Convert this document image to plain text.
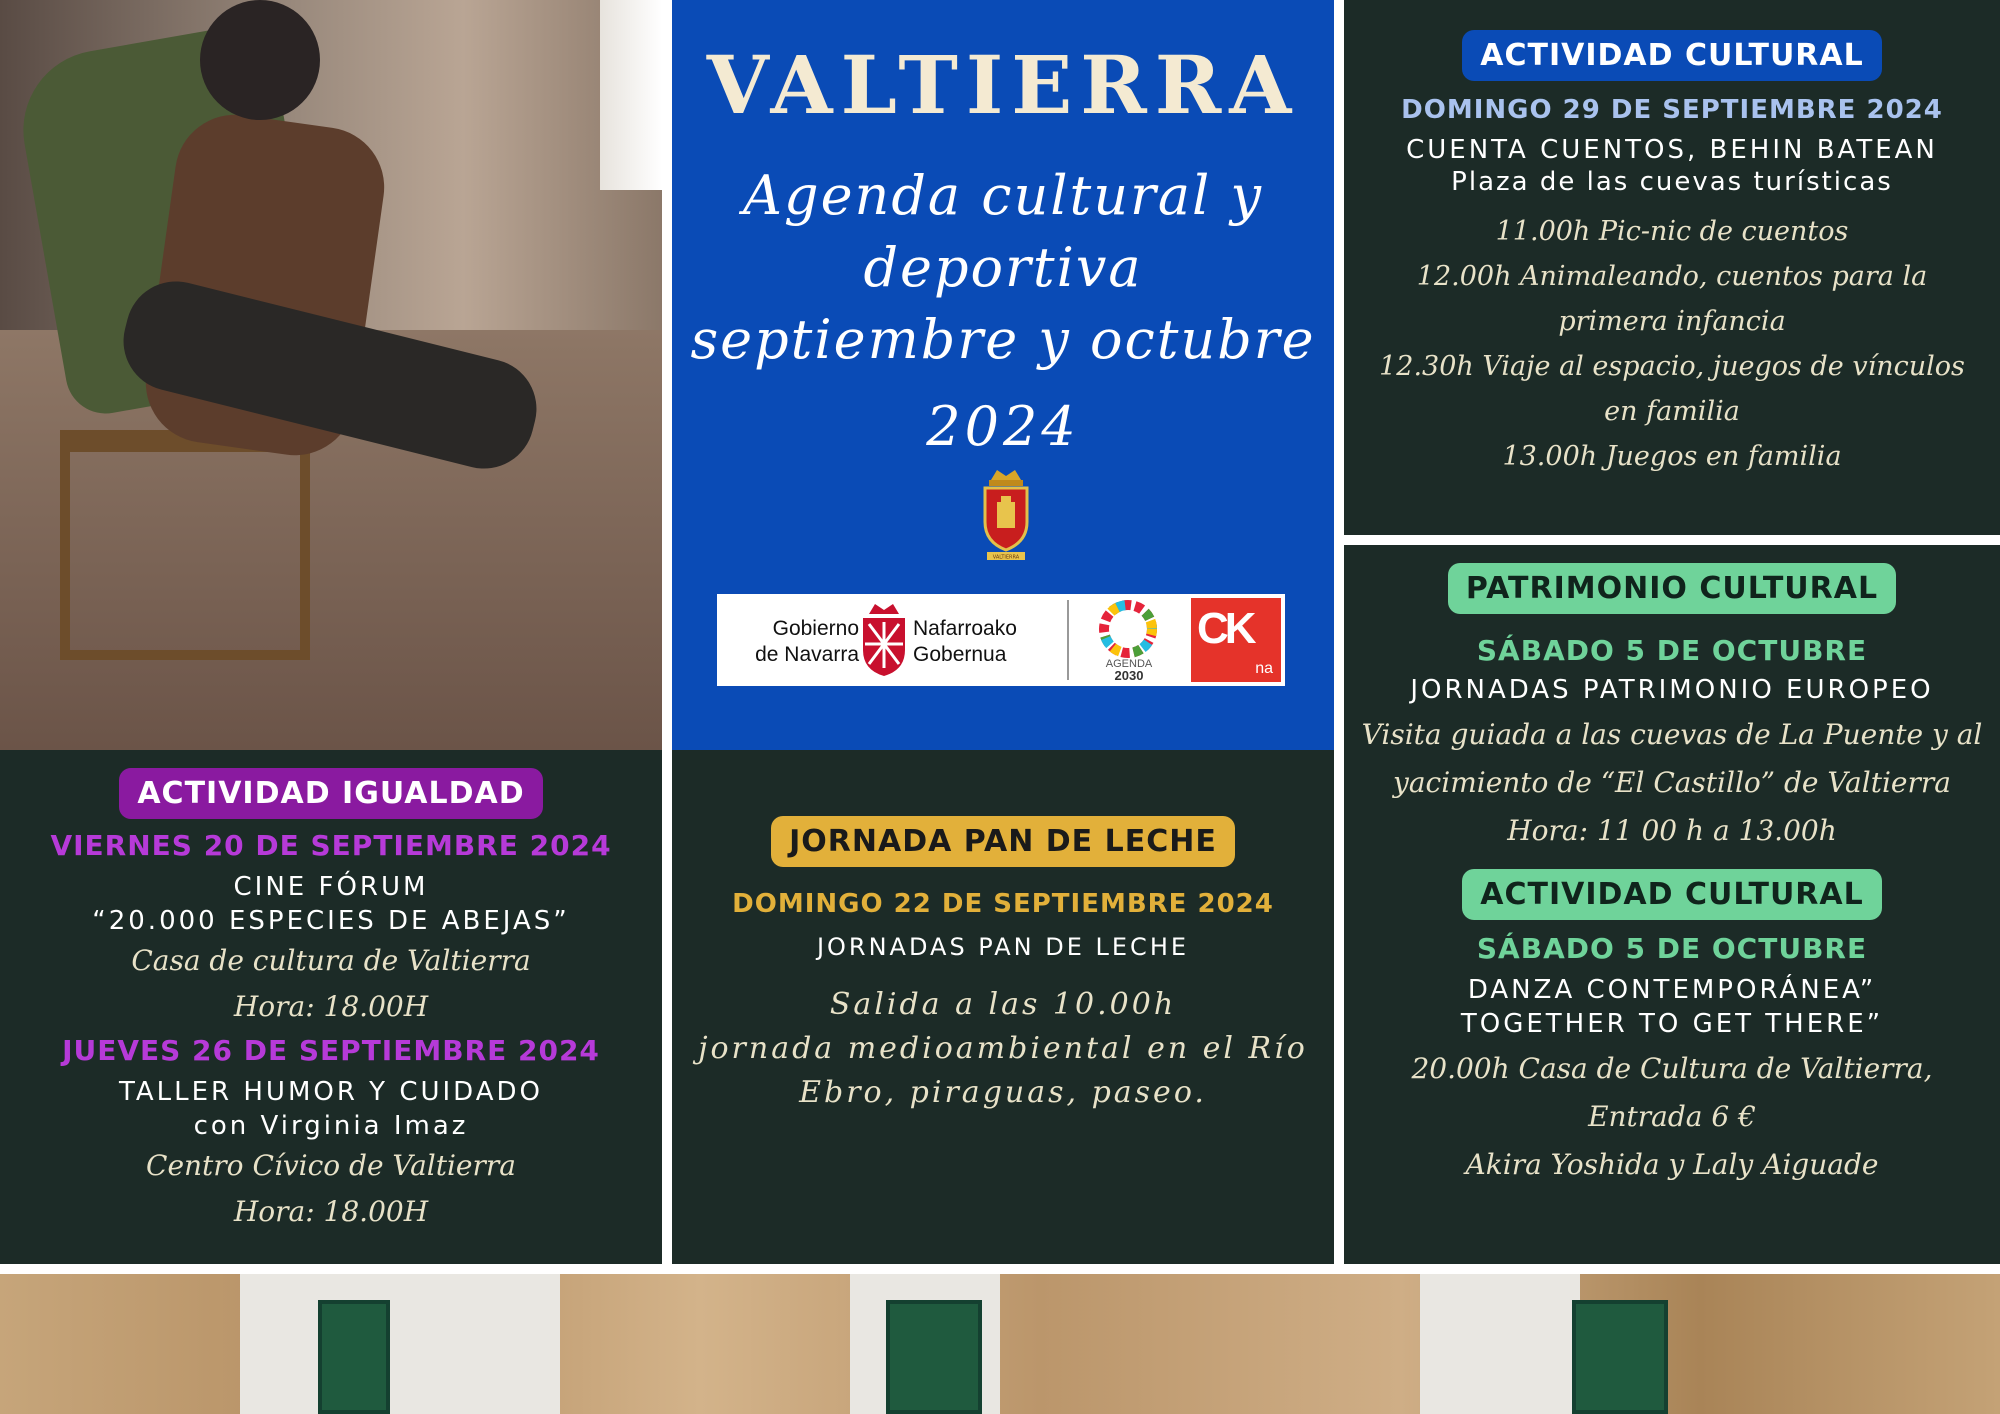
VALTIERRA
Agenda cultural y
deportiva
septiembre y octubre
2024
VALTIERRA
Gobierno
de Navarra
Nafarroako
Gobernua	AGENDA
2030
CK
na
ACTIVIDAD CULTURAL
DOMINGO 29 DE SEPTIEMBRE 2024
CUENTA CUENTOS, BEHIN BATEAN
Plaza de las cuevas turísticas
11.00h Pic-nic de cuentos
12.00h Animaleando, cuentos para la primera infancia
12.30h Viaje al espacio, juegos de vínculos en familia
13.00h Juegos en familia
PATRIMONIO CULTURAL
SÁBADO 5 DE OCTUBRE
JORNADAS PATRIMONIO EUROPEO
Visita guiada a las cuevas de La Puente y al
yacimiento de “El Castillo” de Valtierra
Hora: 11 00 h a 13.00h
ACTIVIDAD CULTURAL
SÁBADO 5 DE OCTUBRE
DANZA CONTEMPORÁNEA”
TOGETHER TO GET THERE”
20.00h Casa de Cultura de Valtierra,
Entrada 6 €
Akira Yoshida y Laly Aiguade
ACTIVIDAD IGUALDAD
VIERNES 20 DE SEPTIEMBRE 2024
CINE FÓRUM
“20.000 ESPECIES DE ABEJAS”
Casa de cultura de Valtierra
Hora: 18.00H
JUEVES 26 DE SEPTIEMBRE 2024
TALLER HUMOR Y CUIDADO
con Virginia Imaz
Centro Cívico de Valtierra
Hora: 18.00H
JORNADA PAN DE LECHE
DOMINGO 22 DE SEPTIEMBRE 2024
JORNADAS PAN DE LECHE
Salida a las 10.00h
jornada medioambiental en el Río
Ebro, piraguas, paseo.
